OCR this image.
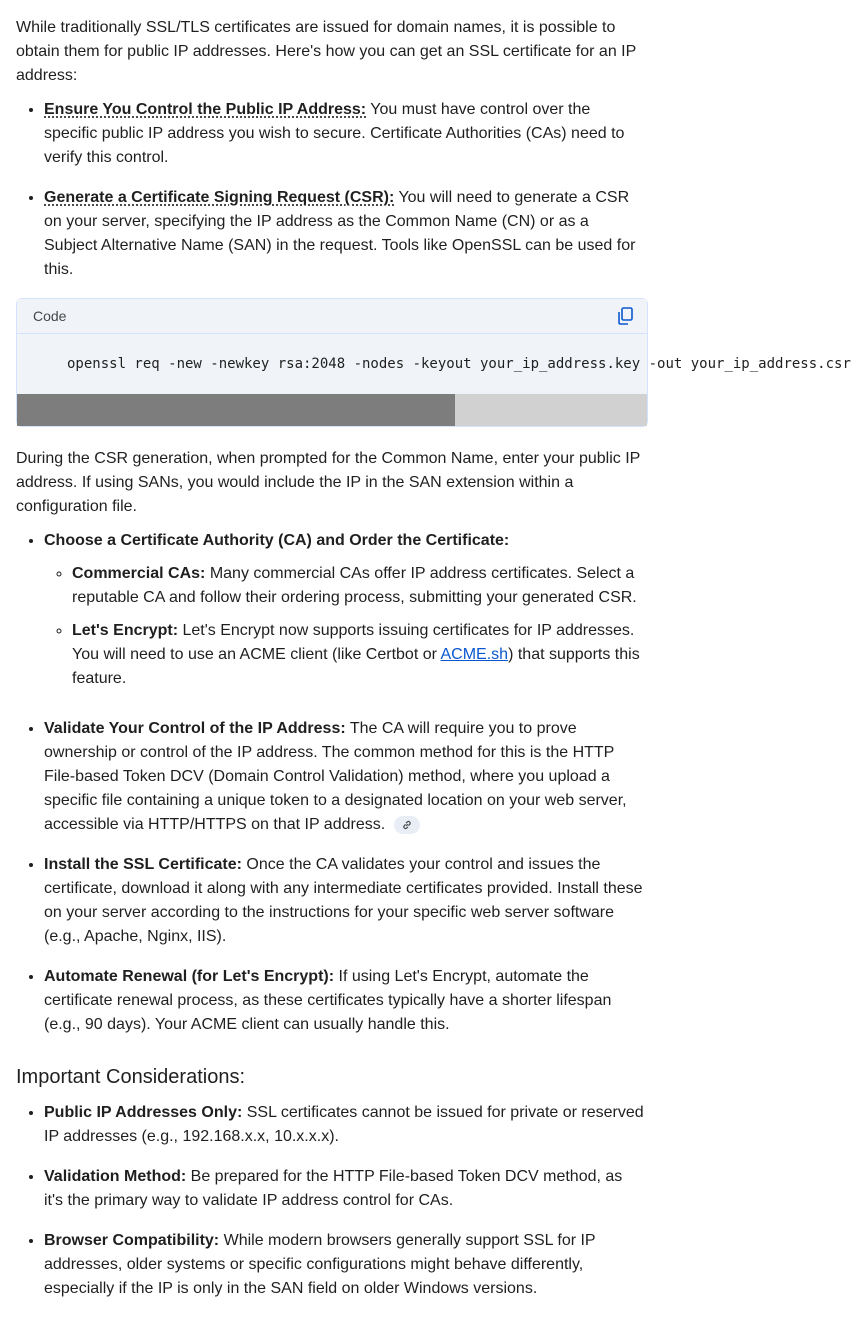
While traditionally SSL/TLS certificates are issued for domain names, it is possible to obtain them for public IP addresses. Here's how you can get an SSL certificate for an IP address:

• Ensure You Control the Public IP Address: You must have control over the specific public IP address you wish to secure. Certificate Authorities (CAs) need to verify this control.
• Generate a Certificate Signing Request (CSR): You will need to generate a CSR on your server, specifying the IP address as the Common Name (CN) or as a Subject Alternative Name (SAN) in the request. Tools like OpenSSL can be used for this.
Code
openssl req -new -newkey rsa:2048 -nodes -keyout your_ip_address.key -out your_ip_address.csr

During the CSR generation, when prompted for the Common Name, enter your public IP address. If using SANs, you would include the IP in the SAN extension within a configuration file.

• Choose a Certificate Authority (CA) and Order the Certificate:
◦ Commercial CAs: Many commercial CAs offer IP address certificates. Select a reputable CA and follow their ordering process, submitting your generated CSR.
◦ Let's Encrypt: Let's Encrypt now supports issuing certificates for IP addresses. You will need to use an ACME client (like Certbot or ACME.sh) that supports this feature.
• Validate Your Control of the IP Address: The CA will require you to prove ownership or control of the IP address. The common method for this is the HTTP File-based Token DCV (Domain Control Validation) method, where you upload a specific file containing a unique token to a designated location on your web server, accessible via HTTP/HTTPS on that IP address.
• Install the SSL Certificate: Once the CA validates your control and issues the certificate, download it along with any intermediate certificates provided. Install these on your server according to the instructions for your specific web server software (e.g., Apache, Nginx, IIS).
• Automate Renewal (for Let's Encrypt): If using Let's Encrypt, automate the certificate renewal process, as these certificates typically have a shorter lifespan (e.g., 90 days). Your ACME client can usually handle this.
Important Considerations:
• Public IP Addresses Only: SSL certificates cannot be issued for private or reserved IP addresses (e.g., 192.168.x.x, 10.x.x.x).
• Validation Method: Be prepared for the HTTP File-based Token DCV method, as it's the primary way to validate IP address control for CAs.
• Browser Compatibility: While modern browsers generally support SSL for IP addresses, older systems or specific configurations might behave differently, especially if the IP is only in the SAN field on older Windows versions.
